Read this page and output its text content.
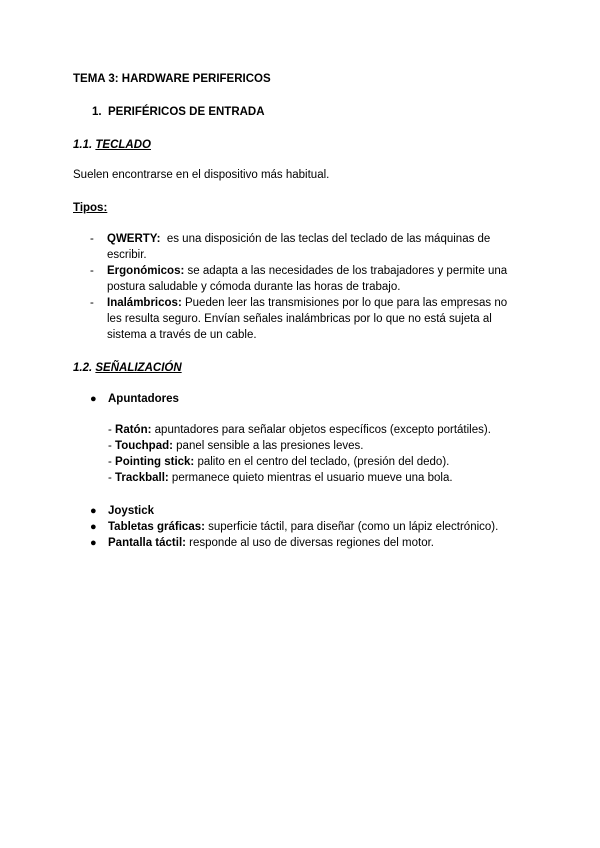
TEMA 3: HARDWARE PERIFERICOS
1. PERIFÉRICOS DE ENTRADA
1.1. TECLADO
Suelen encontrarse en el dispositivo más habitual.
Tipos:
- QWERTY:  es una disposición de las teclas del teclado de las máquinas de escribir.
- Ergonómicos: se adapta a las necesidades de los trabajadores y permite una postura saludable y cómoda durante las horas de trabajo.
- Inalámbricos: Pueden leer las transmisiones por lo que para las empresas no les resulta seguro. Envían señales inalámbricas por lo que no está sujeta al sistema a través de un cable.
1.2. SEÑALIZACIÓN
● Apuntadores
- Ratón: apuntadores para señalar objetos específicos (excepto portátiles).
- Touchpad: panel sensible a las presiones leves.
- Pointing stick: palito en el centro del teclado, (presión del dedo).
- Trackball: permanece quieto mientras el usuario mueve una bola.
● Joystick
● Tabletas gráficas: superficie táctil, para diseñar (como un lápiz electrónico).
● Pantalla táctil: responde al uso de diversas regiones del motor.
